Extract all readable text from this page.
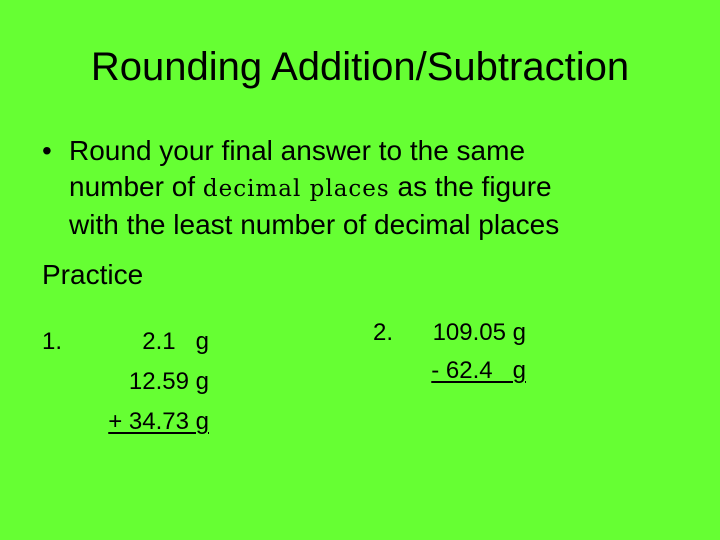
Rounding Addition/Subtraction
• Round your final answer to the same
number of decimal places as the figure
with the least number of decimal places
Practice
1.	2.1   g
12.59 g
+ 34.73 g
2.	109.05 g
- 62.4   g
